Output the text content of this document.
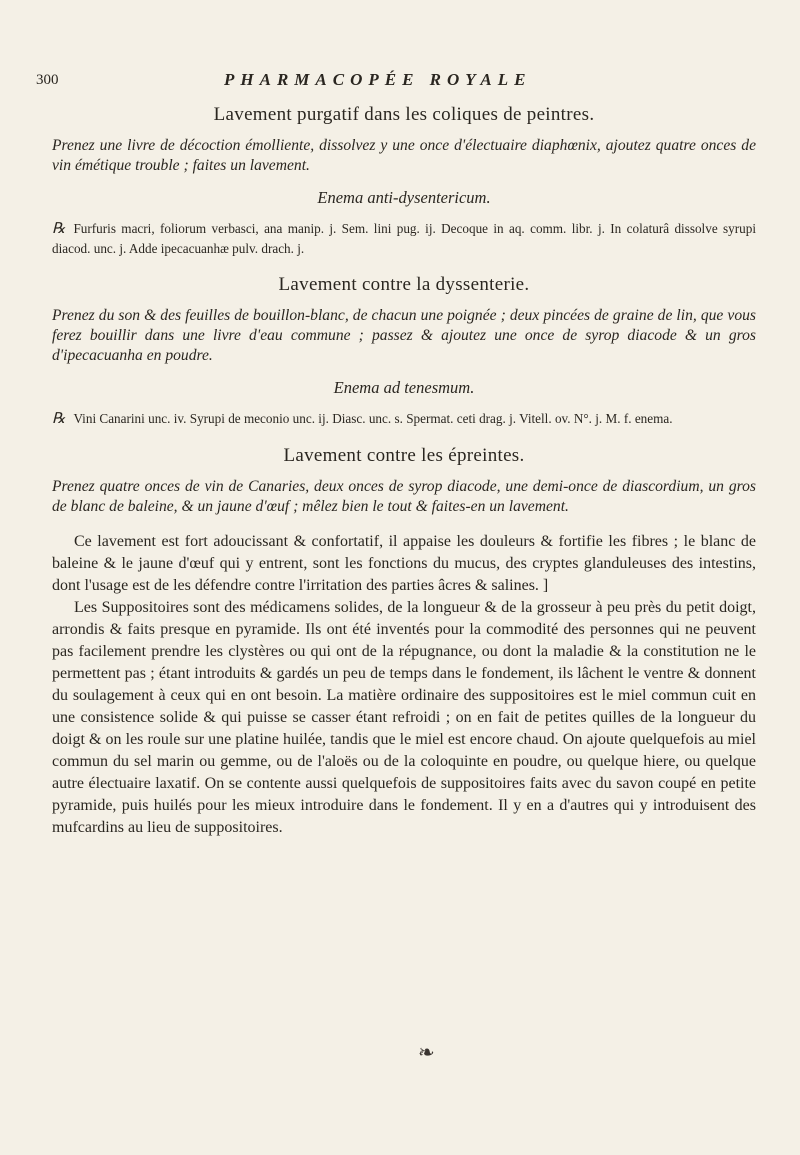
300	PHARMACOPÉE ROYALE
Lavement purgatif dans les coliques de peintres.

Prenez une livre de décoction émolliente, dissolvez y une once d'électuaire diaphœnix, ajoutez quatre onces de vin émétique trouble ; faites un lavement.

Enema anti-dysentericum.

℞ Furfuris macri, foliorum verbasci, ana manip. j. Sem. lini pug. ij. Decoque in aq. comm. libr. j. In colaturâ dissolve syrupi diacod. unc. j. Adde ipecacuanhæ pulv. drach. j.

Lavement contre la dyssenterie.

Prenez du son & des feuilles de bouillon-blanc, de chacun une poignée ; deux pincées de graine de lin, que vous ferez bouillir dans une livre d'eau commune ; passez & ajoutez une once de syrop diacode & un gros d'ipecacuanha en poudre.

Enema ad tenesmum.

℞ Vini Canarini unc. iv. Syrupi de meconio unc. ij. Diasc. unc. s. Spermat. ceti drag. j. Vitell. ov. N°. j. M. f. enema.

Lavement contre les épreintes.

Prenez quatre onces de vin de Canaries, deux onces de syrop diacode, une demi-once de diascordium, un gros de blanc de baleine, & un jaune d'œuf ; mêlez bien le tout & faites-en un lavement.

Ce lavement est fort adoucissant & confortatif, il appaise les douleurs & fortifie les fibres ; le blanc de baleine & le jaune d'œuf qui y entrent, sont les fonctions du mucus, des cryptes glanduleuses des intestins, dont l'usage est de les défendre contre l'irritation des parties âcres & salines. ]

Les Suppositoires sont des médicamens solides, de la longueur & de la grosseur à peu près du petit doigt, arrondis & faits presque en pyramide. Ils ont été inventés pour la commodité des personnes qui ne peuvent pas facilement prendre les clystères ou qui ont de la répugnance, ou dont la maladie & la constitution ne le permettent pas ; étant introduits & gardés un peu de temps dans le fondement, ils lâchent le ventre & donnent du soulagement à ceux qui en ont besoin. La matière ordinaire des suppositoires est le miel commun cuit en une consistence solide & qui puisse se casser étant refroidi ; on en fait de petites quilles de la longueur du doigt & on les roule sur une platine huilée, tandis que le miel est encore chaud. On ajoute quelquefois au miel commun du sel marin ou gemme, ou de l'aloës ou de la coloquinte en poudre, ou quelque hiere, ou quelque autre électuaire laxatif. On se contente aussi quelquefois de suppositoires faits avec du savon coupé en petite pyramide, puis huilés pour les mieux introduire dans le fondement. Il y en a d'autres qui y introduisent des mufcardins au lieu de suppositoires.

❧
